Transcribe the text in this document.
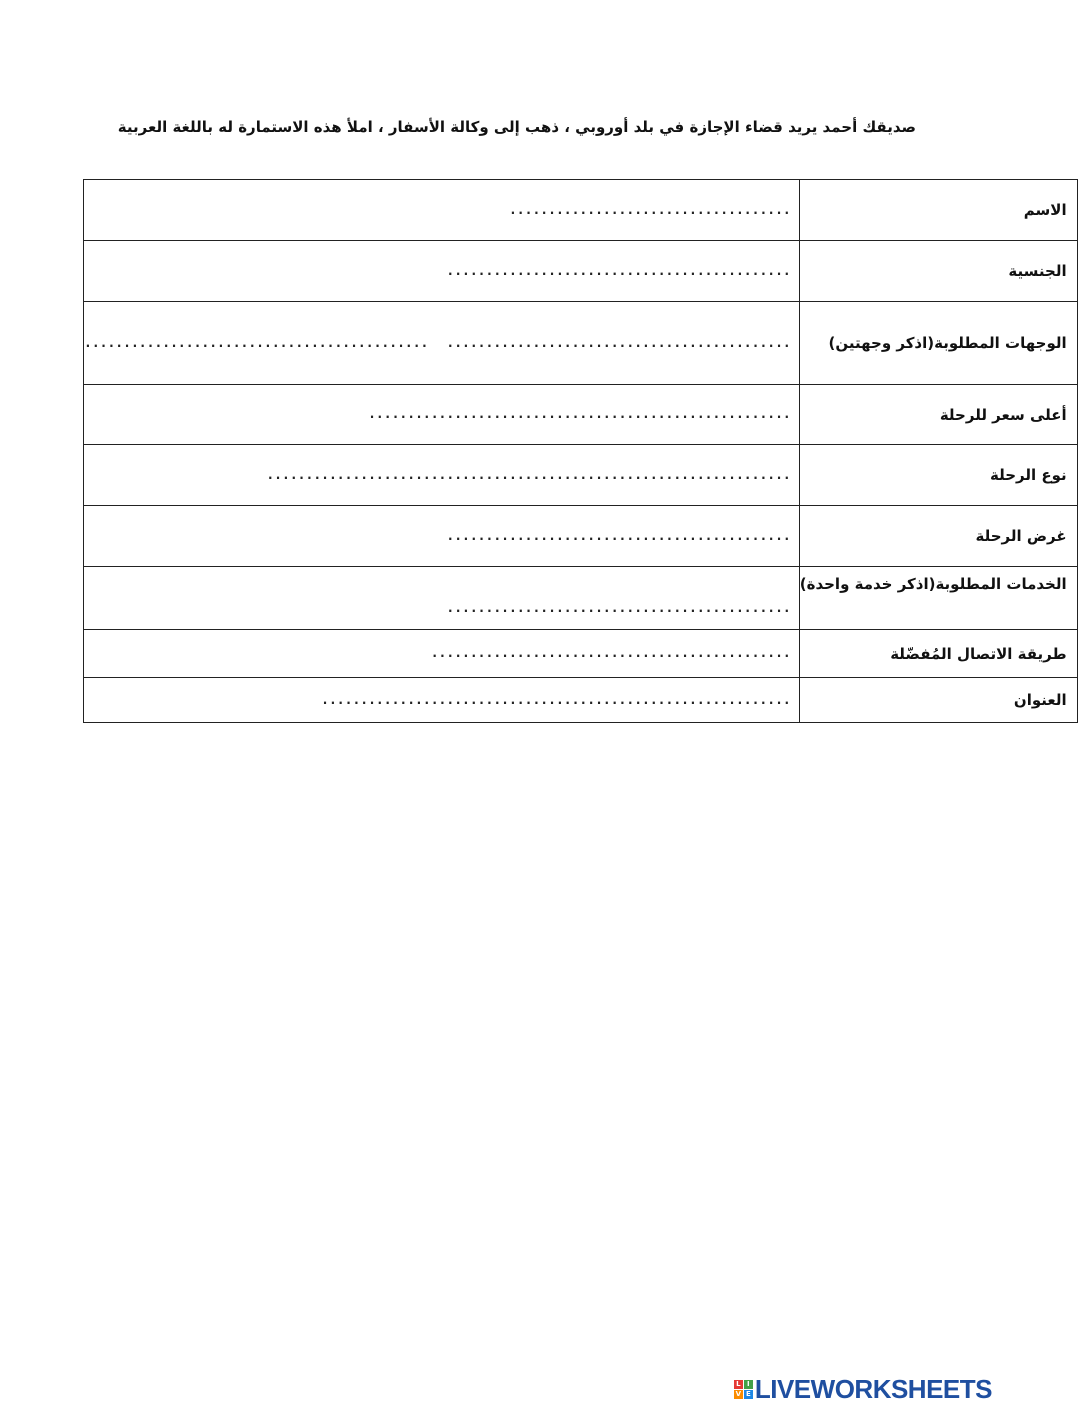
صديقك أحمد يريد قضاء الإجازة في بلد أوروبي ، ذهب إلى وكالة الأسفار ، املأ هذه الاستمارة له باللغة العربية
الاسم	....................................
الجنسية	............................................
الوجهات المطلوبة(اذكر وجهتين)	............................................ ............................................

أعلى سعر للرحلة	......................................................
نوع الرحلة	...................................................................
غرض الرحلة	............................................
الخدمات المطلوبة(اذكر خدمة واحدة)	............................................
طريقة الاتصال المُفضّلة	..............................................
العنوان	............................................................
L I
V E LIVEWORKSHEETS
